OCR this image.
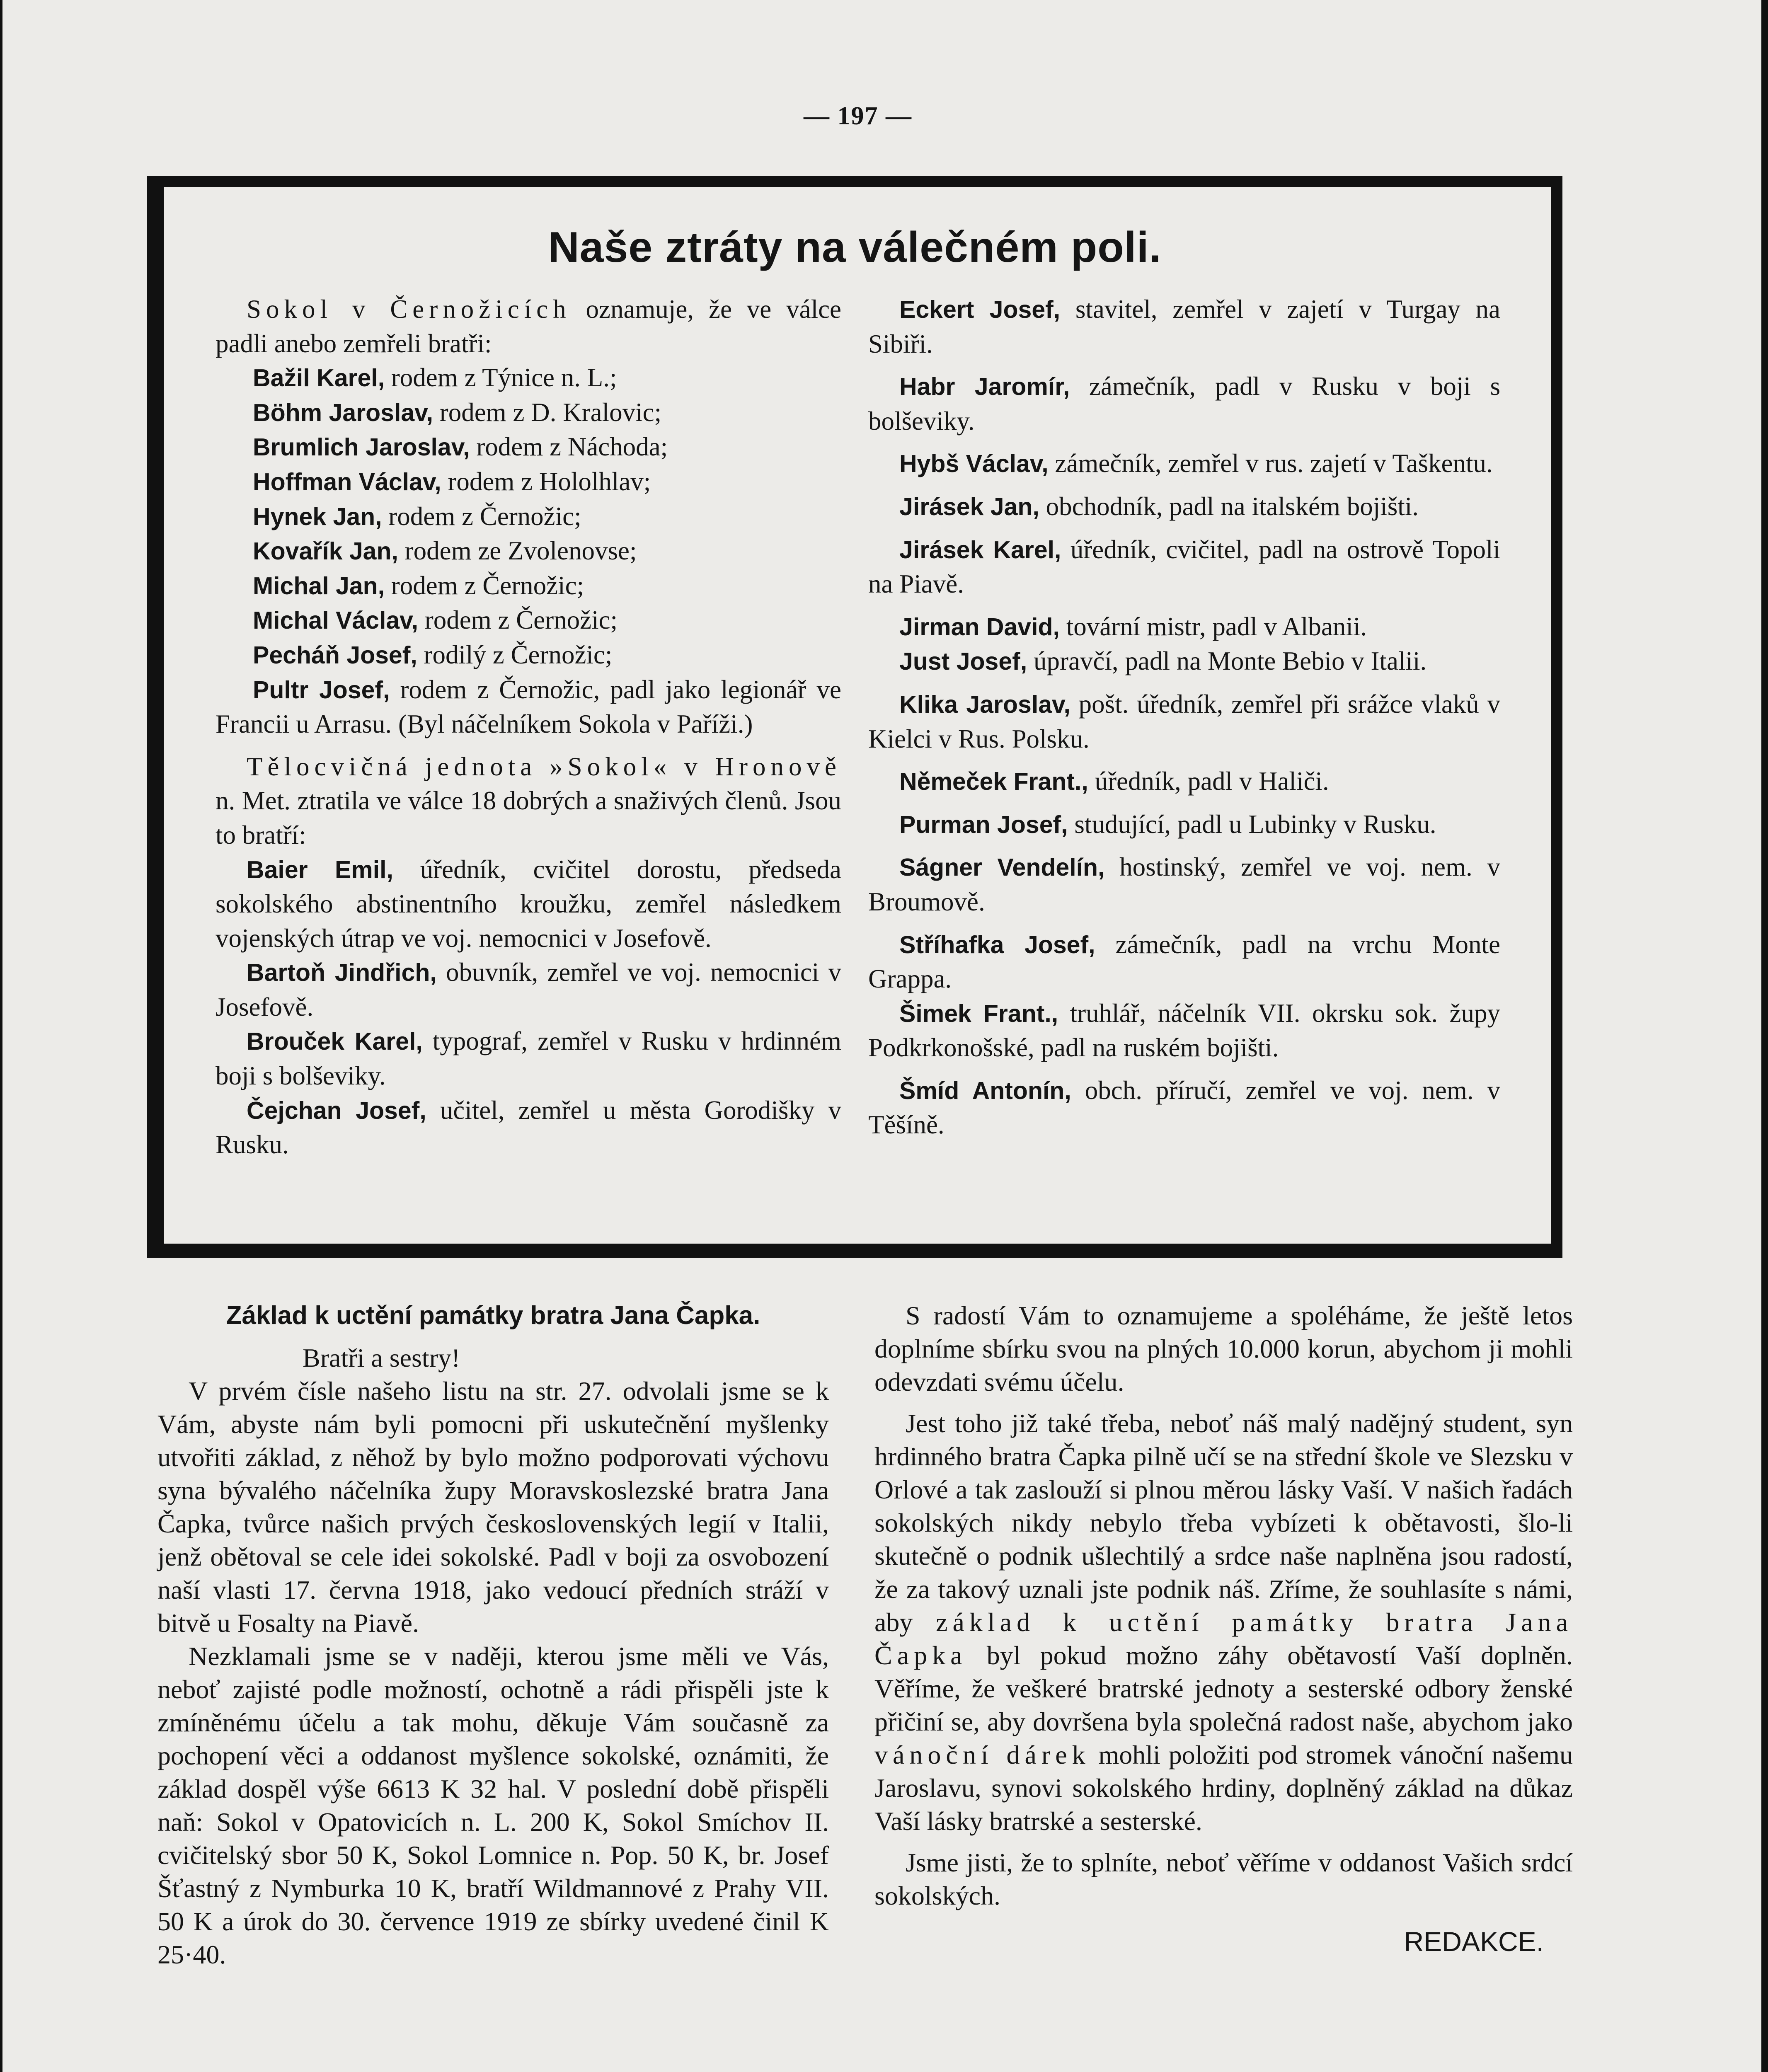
— 197 —
Naše ztráty na válečném poli.

Sokol v Černožicích oznamuje, že ve válce padli anebo zemřeli bratři:

Bažil Karel, rodem z Týnice n. L.;

Böhm Jaroslav, rodem z D. Kralovic;

Brumlich Jaroslav, rodem z Náchoda;

Hoffman Václav, rodem z Hololhlav;

Hynek Jan, rodem z Černožic;

Kovařík Jan, rodem ze Zvolenovse;

Michal Jan, rodem z Černožic;

Michal Václav, rodem z Černožic;

Pecháň Josef, rodilý z Černožic;

Pultr Josef, rodem z Černožic, padl jako legionář ve Francii u Arrasu. (Byl náčelníkem Sokola v Paříži.)

Tělocvičná jednota »Sokol« v Hronově n. Met. ztratila ve válce 18 dobrých a snaživých členů. Jsou to bratří:

Baier Emil, úředník, cvičitel dorostu, předseda sokolského abstinentního kroužku, zemřel následkem vojenských útrap ve voj. nemocnici v Josefově.

Bartoň Jindřich, obuvník, zemřel ve voj. nemocnici v Josefově.

Brouček Karel, typograf, zemřel v Rusku v hrdinném boji s bolševiky.

Čejchan Josef, učitel, zemřel u města Gorodišky v Rusku.

Eckert Josef, stavitel, zemřel v zajetí v Turgay na Sibiři.

Habr Jaromír, zámečník, padl v Rusku v boji s bolševiky.

Hybš Václav, zámečník, zemřel v rus. zajetí v Taškentu.

Jirásek Jan, obchodník, padl na italském bojišti.

Jirásek Karel, úředník, cvičitel, padl na ostrově Topoli na Piavě.

Jirman David, tovární mistr, padl v Albanii.

Just Josef, úpravčí, padl na Monte Bebio v Italii.

Klika Jaroslav, pošt. úředník, zemřel při srážce vlaků v Kielci v Rus. Polsku.

Němeček Frant., úředník, padl v Haliči.

Purman Josef, studující, padl u Lubinky v Rusku.

Ságner Vendelín, hostinský, zemřel ve voj. nem. v Broumově.

Stříhafka Josef, zámečník, padl na vrchu Monte Grappa.

Šimek Frant., truhlář, náčelník VII. okrsku sok. župy Podkrkonošské, padl na ruském bojišti.

Šmíd Antonín, obch. příručí, zemřel ve voj. nem. v Těšíně.

Základ k uctění památky bratra Jana Čapka.

Bratři a sestry!

V prvém čísle našeho listu na str. 27. odvolali jsme se k Vám, abyste nám byli pomocni při uskutečnění myšlenky utvořiti základ, z něhož by bylo možno podporovati výchovu syna bývalého náčelníka župy Moravskoslezské bratra Jana Čapka, tvůrce našich prvých československých legií v Italii, jenž obětoval se cele idei sokolské. Padl v boji za osvobození naší vlasti 17. června 1918, jako vedoucí předních stráží v bitvě u Fosalty na Piavě.

Nezklamali jsme se v naději, kterou jsme měli ve Vás, neboť zajisté podle možností, ochotně a rádi přispěli jste k zmíněnému účelu a tak mohu, děkuje Vám současně za pochopení věci a oddanost myšlence sokolské, oznámiti, že základ dospěl výše 6613 K 32 hal. V poslední době přispěli naň: Sokol v Opatovicích n. L. 200 K, Sokol Smíchov II. cvičitelský sbor 50 K, Sokol Lomnice n. Pop. 50 K, br. Josef Šťastný z Nymburka 10 K, bratří Wildmannové z Prahy VII. 50 K a úrok do 30. července 1919 ze sbírky uvedené činil K 25·40.

S radostí Vám to oznamujeme a spoléháme, že ještě letos doplníme sbírku svou na plných 10.000 korun, abychom ji mohli odevzdati svému účelu.

Jest toho již také třeba, neboť náš malý nadějný student, syn hrdinného bratra Čapka pilně učí se na střední škole ve Slezsku v Orlové a tak zaslouží si plnou měrou lásky Vaší. V našich řadách sokolských nikdy nebylo třeba vybízeti k obětavosti, šlo-li skutečně o podnik ušlechtilý a srdce naše naplněna jsou radostí, že za takový uznali jste podnik náš. Zříme, že souhlasíte s námi, aby základ k uctění památky bratra Jana Čapka byl pokud možno záhy obětavostí Vaší doplněn. Věříme, že veškeré bratrské jednoty a sesterské odbory ženské přičiní se, aby dovršena byla společná radost naše, abychom jako vánoční dárek mohli položiti pod stromek vánoční našemu Jaroslavu, synovi sokolského hrdiny, doplněný základ na důkaz Vaší lásky bratrské a sesterské.

Jsme jisti, že to splníte, neboť věříme v oddanost Vašich srdcí sokolských.

REDAKCE.
